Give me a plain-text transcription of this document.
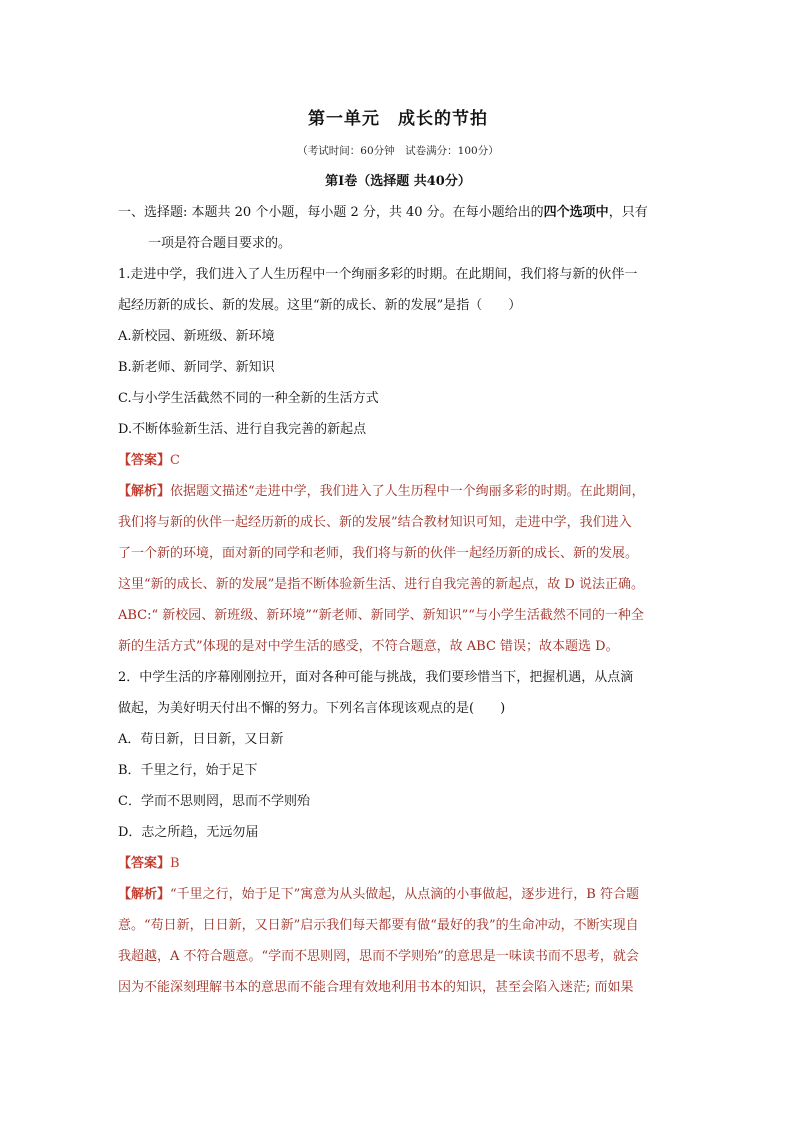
第一单元　成长的节拍
（考试时间：60分钟　试卷满分：100分）
第Ⅰ卷（选择题 共40分）

一、选择题: 本题共 20 个小题，每小题 2 分，共 40 分。在每小题给出的四个选项中，只有

一项是符合题目要求的。

1.走进中学，我们进入了人生历程中一个绚丽多彩的时期。在此期间，我们将与新的伙伴一

起经历新的成长、新的发展。这里“新的成长、新的发展”是指（　　）

A.新校园、新班级、新环境

B.新老师、新同学、新知识

C.与小学生活截然不同的一种全新的生活方式

D.不断体验新生活、进行自我完善的新起点

【答案】C

【解析】依据题文描述“走进中学，我们进入了人生历程中一个绚丽多彩的时期。在此期间，

我们将与新的伙伴一起经历新的成长、新的发展”结合教材知识可知，走进中学，我们进入

了一个新的环境，面对新的同学和老师，我们将与新的伙伴一起经历新的成长、新的发展。

这里“新的成长、新的发展”是指不断体验新生活、进行自我完善的新起点，故 D 说法正确。

ABC:“ 新校园、新班级、新环境”“新老师、新同学、新知识”“与小学生活截然不同的一种全

新的生活方式”体现的是对中学生活的感受，不符合题意，故 ABC 错误；故本题选 D。

2．中学生活的序幕刚刚拉开，面对各种可能与挑战，我们要珍惜当下，把握机遇，从点滴

做起，为美好明天付出不懈的努力。下列名言体现该观点的是(　　)

A．苟日新，日日新，又日新

B．千里之行，始于足下

C．学而不思则罔，思而不学则殆

D．志之所趋，无远勿届

【答案】B

【解析】“千里之行，始于足下”寓意为从头做起，从点滴的小事做起，逐步进行，B 符合题

意。“苟日新，日日新，又日新”启示我们每天都要有做“最好的我”的生命冲动，不断实现自

我超越，A 不符合题意。“学而不思则罔，思而不学则殆”的意思是一味读书而不思考，就会

因为不能深刻理解书本的意思而不能合理有效地利用书本的知识，甚至会陷入迷茫; 而如果
